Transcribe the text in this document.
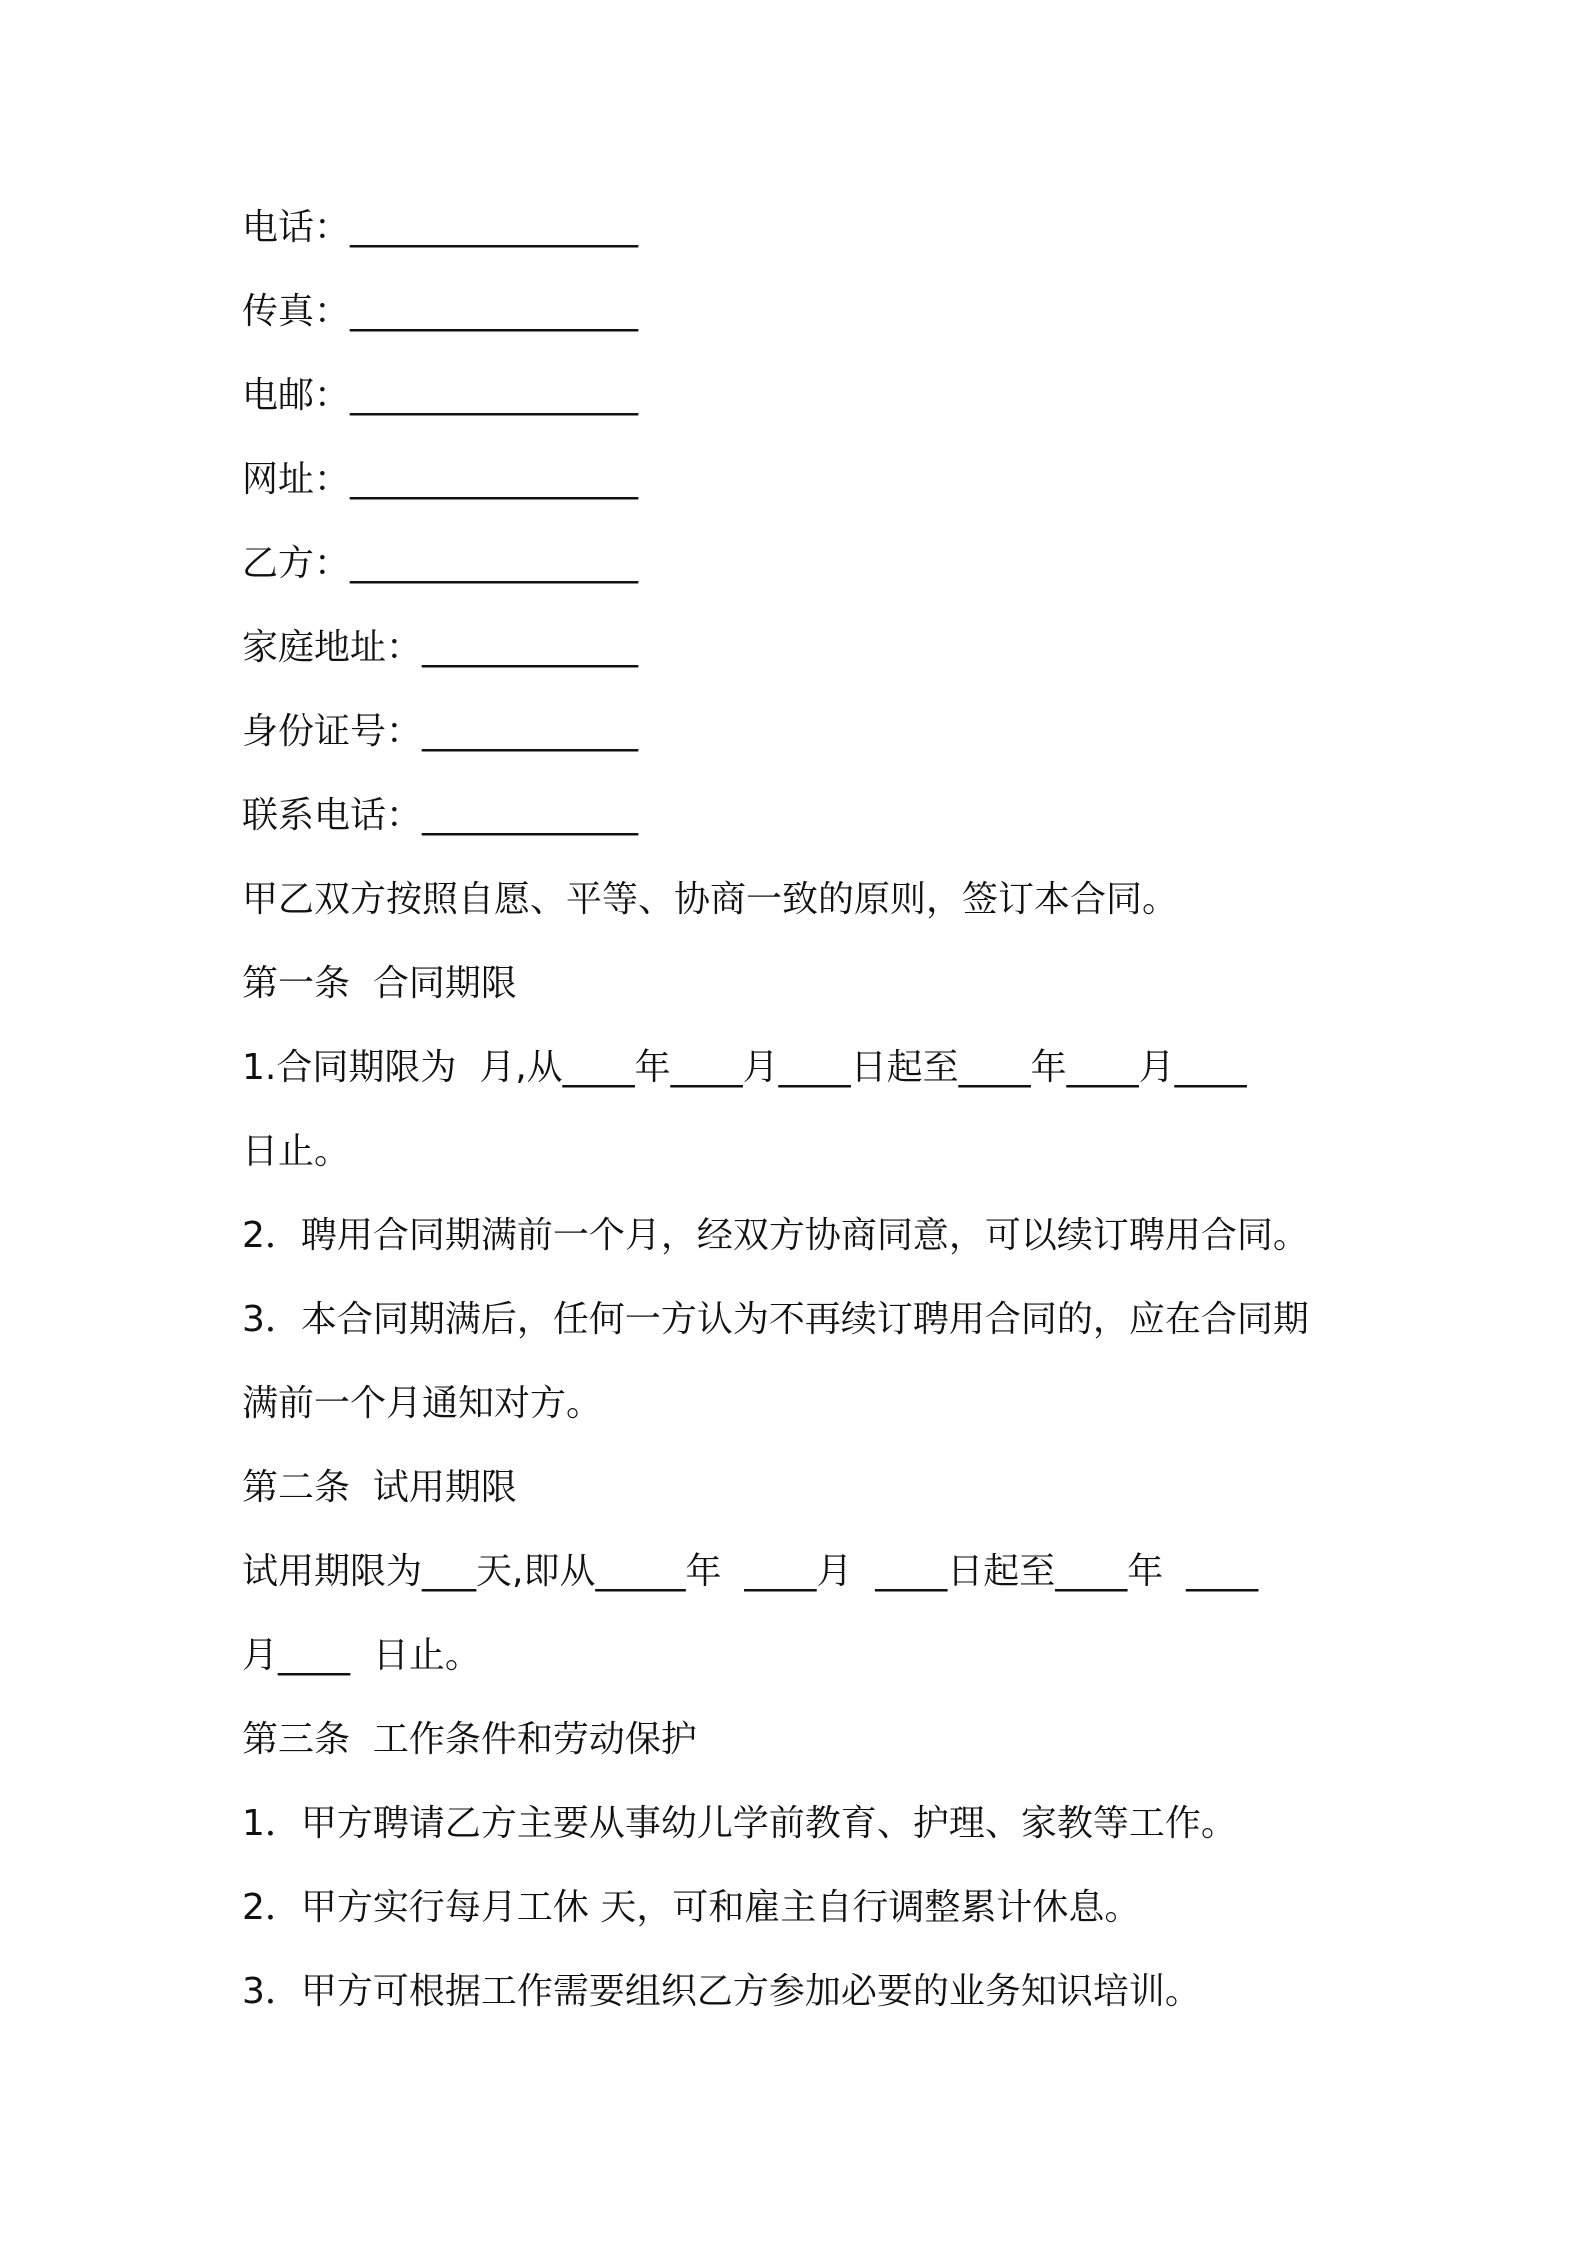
电话：________________
传真：________________
电邮：________________
网址：________________
乙方：________________
家庭地址：____________
身份证号：____________
联系电话：____________
甲乙双方按照自愿、平等、协商一致的原则，签订本合同。
第一条  合同期限
1.合同期限为  月,从____年____月____日起至____年____月____
日止。
2．聘用合同期满前一个月，经双方协商同意，可以续订聘用合同。
3．本合同期满后，任何一方认为不再续订聘用合同的，应在合同期
满前一个月通知对方。
第二条  试用期限
试用期限为___天,即从_____年  ____月  ____日起至____年  ____
月____  日止。
第三条  工作条件和劳动保护
1．甲方聘请乙方主要从事幼儿学前教育、护理、家教等工作。
2．甲方实行每月工休 天，可和雇主自行调整累计休息。
3．甲方可根据工作需要组织乙方参加必要的业务知识培训。
